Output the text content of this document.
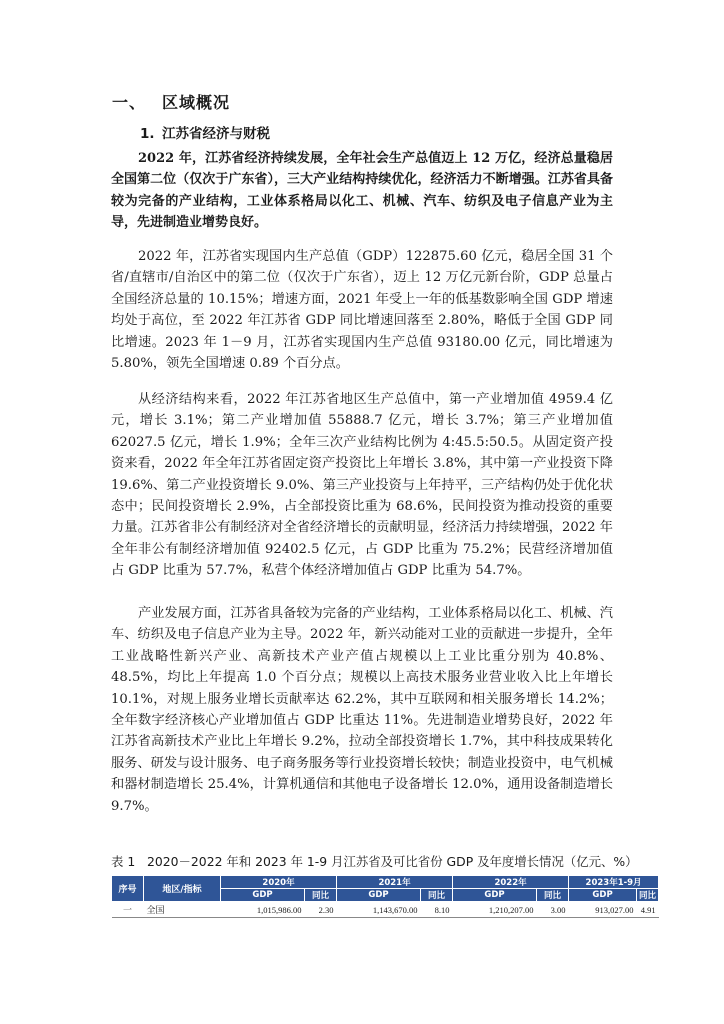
一、 区域概况
1. 江苏省经济与财税

2022 年，江苏省经济持续发展，全年社会生产总值迈上 12 万亿，经济总量稳居全国第二位（仅次于广东省），三大产业结构持续优化，经济活力不断增强。江苏省具备较为完备的产业结构，工业体系格局以化工、机械、汽车、纺织及电子信息产业为主导，先进制造业增势良好。

2022 年，江苏省实现国内生产总值（GDP）122875.60 亿元，稳居全国 31 个省/直辖市/自治区中的第二位（仅次于广东省），迈上 12 万亿元新台阶，GDP 总量占全国经济总量的 10.15%；增速方面，2021 年受上一年的低基数影响全国 GDP 增速均处于高位，至 2022 年江苏省 GDP 同比增速回落至 2.80%，略低于全国 GDP 同比增速。2023 年 1－9 月，江苏省实现国内生产总值 93180.00 亿元，同比增速为 5.80%，领先全国增速 0.89 个百分点。

从经济结构来看，2022 年江苏省地区生产总值中，第一产业增加值 4959.4 亿元，增长 3.1%；第二产业增加值 55888.7 亿元，增长 3.7%；第三产业增加值 62027.5 亿元，增长 1.9%；全年三次产业结构比例为 4:45.5:50.5。从固定资产投资来看，2022 年全年江苏省固定资产投资比上年增长 3.8%，其中第一产业投资下降 19.6%、第二产业投资增长 9.0%、第三产业投资与上年持平，三产结构仍处于优化状态中；民间投资增长 2.9%，占全部投资比重为 68.6%，民间投资为推动投资的重要力量。江苏省非公有制经济对全省经济增长的贡献明显，经济活力持续增强，2022 年全年非公有制经济增加值 92402.5 亿元，占 GDP 比重为 75.2%；民营经济增加值占 GDP 比重为 57.7%，私营个体经济增加值占 GDP 比重为 54.7%。

产业发展方面，江苏省具备较为完备的产业结构，工业体系格局以化工、机械、汽车、纺织及电子信息产业为主导。2022 年，新兴动能对工业的贡献进一步提升，全年工业战略性新兴产业、高新技术产业产值占规模以上工业比重分别为 40.8%、48.5%，均比上年提高 1.0 个百分点；规模以上高技术服务业营业收入比上年增长 10.1%，对规上服务业增长贡献率达 62.2%，其中互联网和相关服务增长 14.2%；全年数字经济核心产业增加值占 GDP 比重达 11%。先进制造业增势良好，2022 年江苏省高新技术产业比上年增长 9.2%，拉动全部投资增长 1.7%，其中科技成果转化服务、研发与设计服务、电子商务服务等行业投资增长较快；制造业投资中，电气机械和器材制造增长 25.4%，计算机通信和其他电子设备增长 12.0%，通用设备制造增长 9.7%。

表 1 2020－2022 年和 2023 年 1-9 月江苏省及可比省份 GDP 及年度增长情况（亿元、%）
序号	地区/指标	2020年		2021年		2022年		2023年1-9月	
		GDP	同比	GDP	同比	GDP	同比	GDP	同比
一	全国	1,015,986.00	2.30	1,143,670.00	8.10	1,210,207.00	3.00	913,027.00	4.91
